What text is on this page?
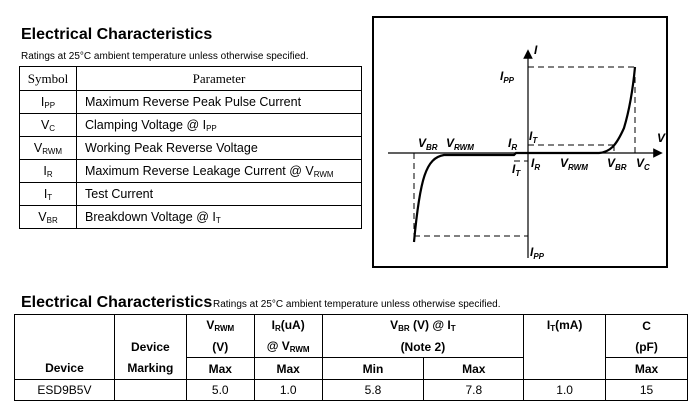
Electrical Characteristics
Ratings at 25°C ambient temperature unless otherwise specified.
Symbol	Parameter
$I_{PP}$	Maximum Reverse Peak Pulse Current
$V_C$	Clamping Voltage @ $I_{PP}$
$V_{RWM}$	Working Peak Reverse Voltage
$I_R$	Maximum Reverse Leakage Current @ $V_{RWM}$
$I_T$	Test Current
$V_{BR}$	Breakdown Voltage @ $I_T$
I
V
$I_{PP}$
$I_{PP}$
$V_{BR}$ $V_{RWM}$	$I_R$
$I_T$
$I_T$
$I_R$ $V_{RWM}$ $V_{BR}$ $V_C$
Electrical Characteristics Ratings at 25°C ambient temperature unless otherwise specified.
		$V_{RWM}$	$I_R(uA)$	$V_{BR}$ (V) @ $I_T$		$I_T(mA)$	C
	Device	(V)	@ $V_{RWM}$	(Note 2)			(pF)
Device	Marking	Max	Max	Min	Max		Max
ESD9B5V		5.0	1.0	5.8	7.8	1.0	15
